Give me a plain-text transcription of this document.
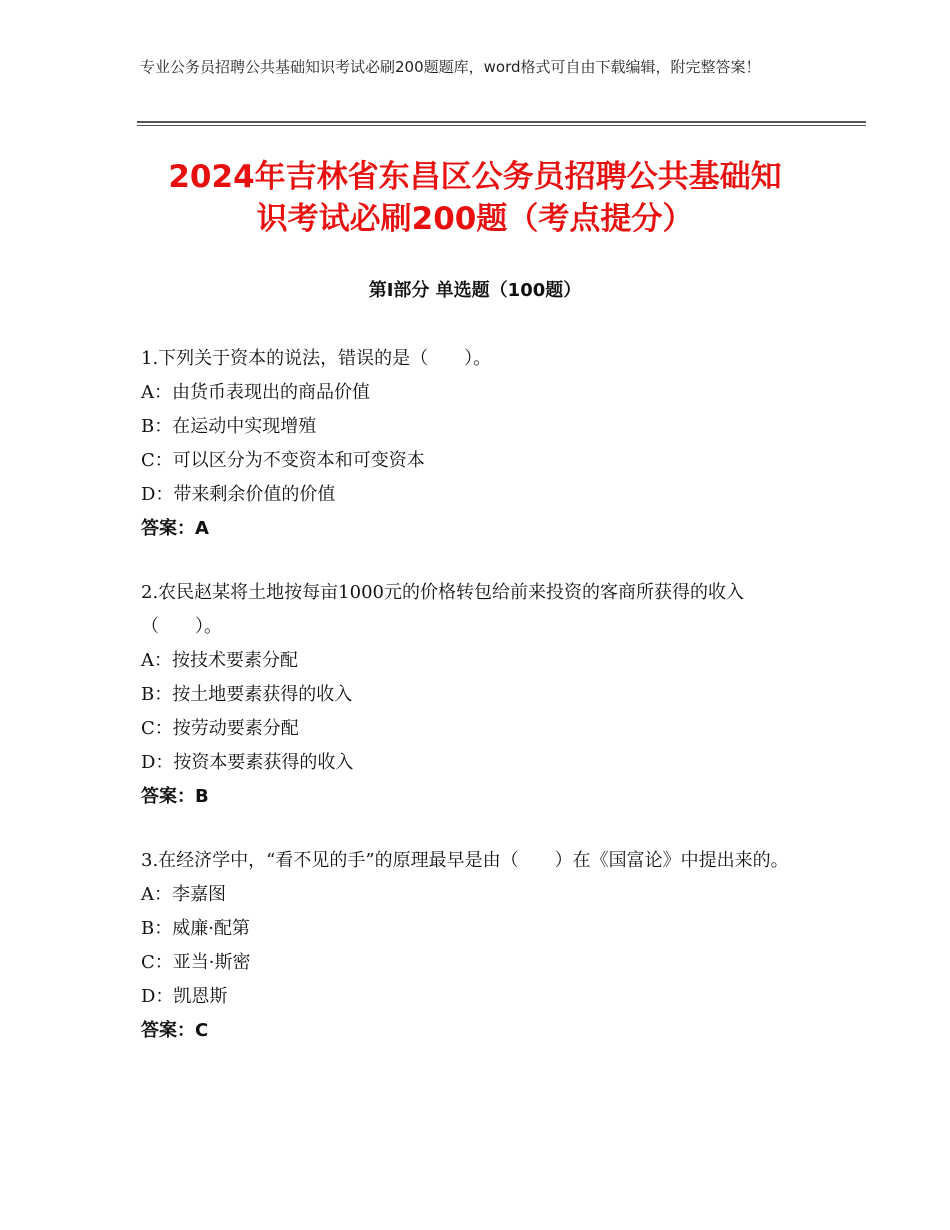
专业公务员招聘公共基础知识考试必刷200题题库，word格式可自由下载编辑，附完整答案！
2024年吉林省东昌区公务员招聘公共基础知
识考试必刷200题（考点提分）
第Ⅰ部分 单选题（100题）
1.下列关于资本的说法，错误的是（　　）。
A：由货币表现出的商品价值
B：在运动中实现增殖
C：可以区分为不变资本和可变资本
D：带来剩余价值的价值
答案：A
2.农民赵某将土地按每亩1000元的价格转包给前来投资的客商所获得的收入（　　）。
A：按技术要素分配
B：按土地要素获得的收入
C：按劳动要素分配
D：按资本要素获得的收入
答案：B
3.在经济学中，“看不见的手”的原理最早是由（　　）在《国富论》中提出来的。
A：李嘉图
B：威廉·配第
C：亚当·斯密
D：凯恩斯
答案：C
